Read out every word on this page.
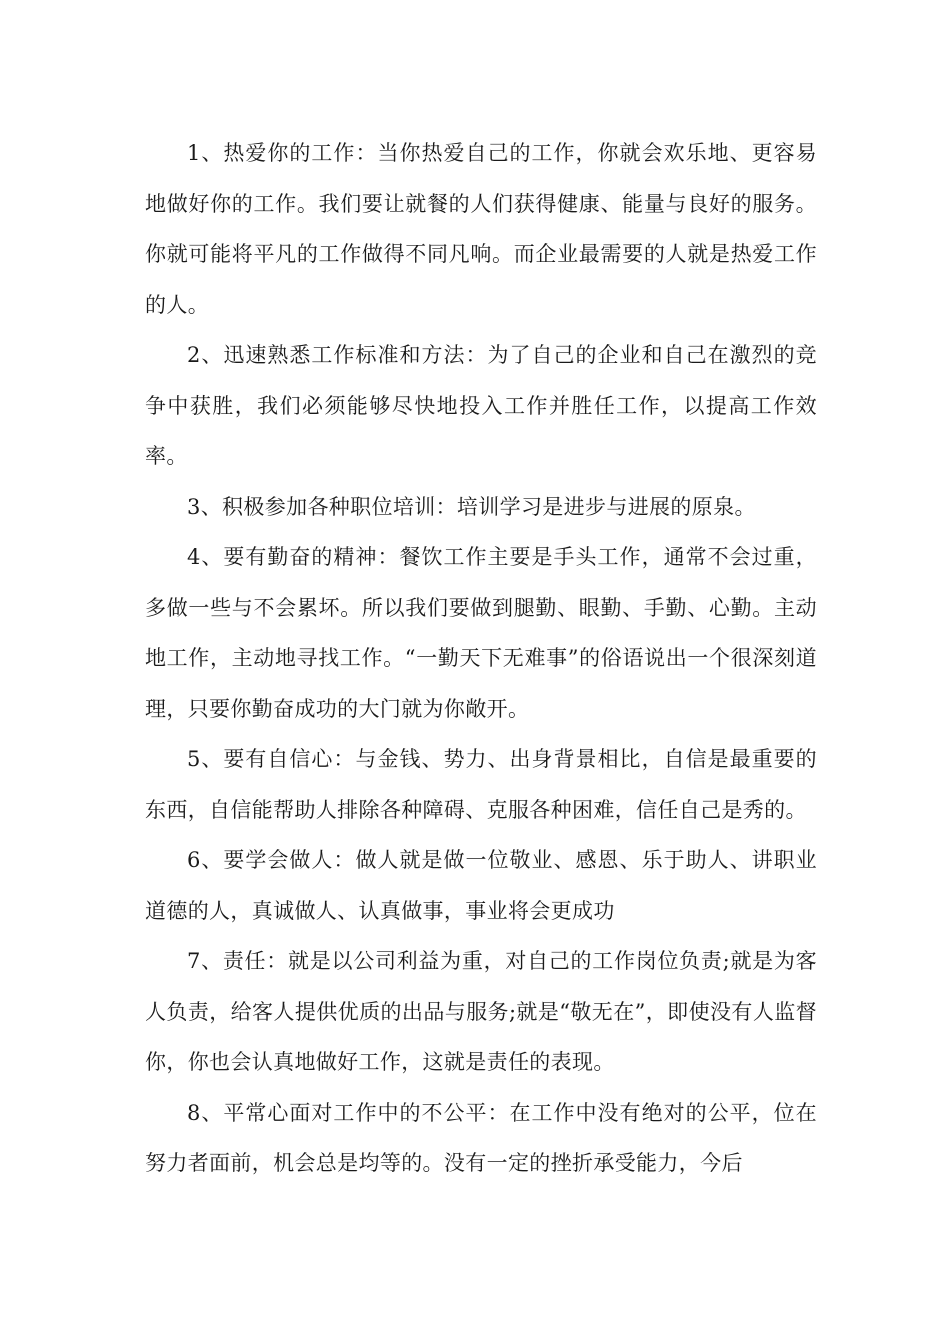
1、热爱你的工作：当你热爱自己的工作，你就会欢乐地、更容易地做好你的工作。我们要让就餐的人们获得健康、能量与良好的服务。你就可能将平凡的工作做得不同凡响。而企业最需要的人就是热爱工作的人。

2、迅速熟悉工作标准和方法：为了自己的企业和自己在激烈的竞争中获胜，我们必须能够尽快地投入工作并胜任工作，以提高工作效率。

3、积极参加各种职位培训：培训学习是进步与进展的原泉。

4、要有勤奋的精神：餐饮工作主要是手头工作，通常不会过重，多做一些与不会累坏。所以我们要做到腿勤、眼勤、手勤、心勤。主动地工作，主动地寻找工作。“一勤天下无难事”的俗语说出一个很深刻道理，只要你勤奋成功的大门就为你敞开。

5、要有自信心：与金钱、势力、出身背景相比，自信是最重要的东西，自信能帮助人排除各种障碍、克服各种困难，信任自己是秀的。

6、要学会做人：做人就是做一位敬业、感恩、乐于助人、讲职业道德的人，真诚做人、认真做事，事业将会更成功

7、责任：就是以公司利益为重，对自己的工作岗位负责;就是为客人负责，给客人提供优质的出品与服务;就是“敬无在”，即使没有人监督你，你也会认真地做好工作，这就是责任的表现。

8、平常心面对工作中的不公平：在工作中没有绝对的公平，位在努力者面前，机会总是均等的。没有一定的挫折承受能力，今后
